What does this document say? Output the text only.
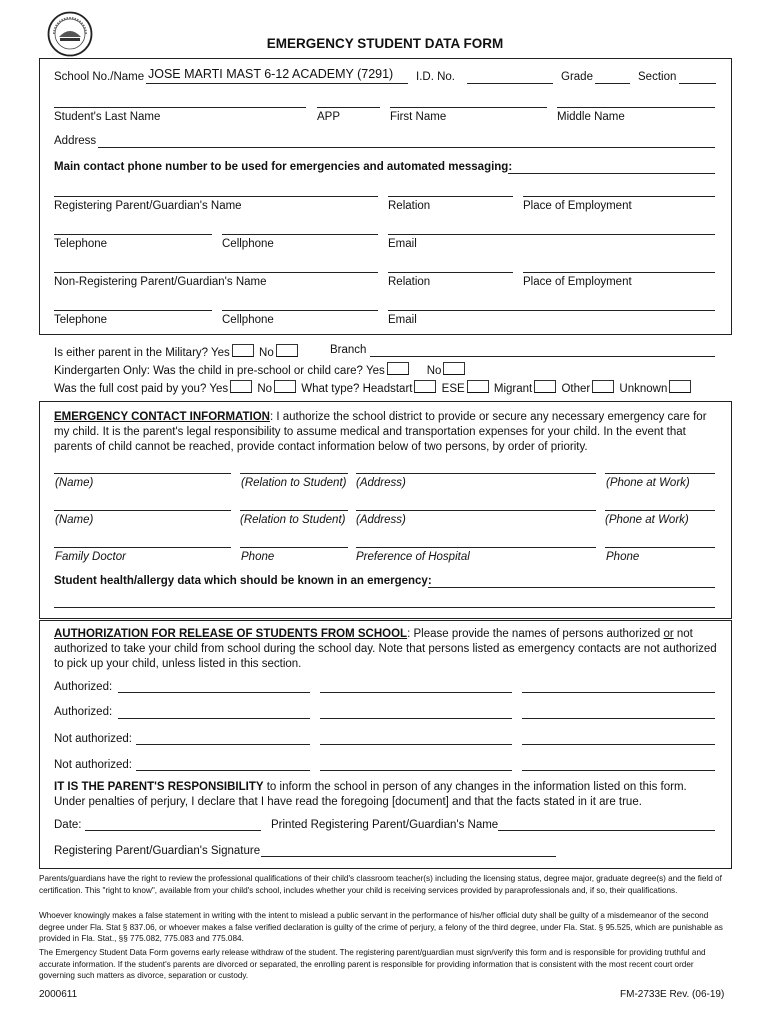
EMERGENCY STUDENT DATA FORM
School No./Name JOSE MARTI MAST 6-12 ACADEMY (7291) I.D. No.	Grade	Section
Student's Last Name	APP	First Name	Middle Name
Address
Main contact phone number to be used for emergencies and automated messaging:
Registering Parent/Guardian's Name	Relation	Place of Employment
Telephone	Cellphone	Email
Non-Registering Parent/Guardian's Name	Relation	Place of Employment
Telephone	Cellphone	Email
Is either parent in the Military? Yes	No	Branch
Kindergarten Only: Was the child in pre-school or child care? Yes	No
Was the full cost paid by you? Yes	No	What type? Headstart	ESE	Migrant	Other	Unknown
EMERGENCY CONTACT INFORMATION: I authorize the school district to provide or secure any necessary emergency care for my child. It is the parent's legal responsibility to assume medical and transportation expenses for your child. In the event that parents of child cannot be reached, provide contact information below of two persons, by order of priority.
(Name)	(Relation to Student) (Address)	(Phone at Work)
(Name)	(Relation to Student) (Address)	(Phone at Work)
Family Doctor	Phone	Preference of Hospital	Phone
Student health/allergy data which should be known in an emergency:
AUTHORIZATION FOR RELEASE OF STUDENTS FROM SCHOOL: Please provide the names of persons authorized or not authorized to take your child from school during the school day. Note that persons listed as emergency contacts are not authorized to pick up your child, unless listed in this section.
Authorized:
Authorized:
Not authorized:
Not authorized:
IT IS THE PARENT'S RESPONSIBILITY to inform the school in person of any changes in the information listed on this form. Under penalties of perjury, I declare that I have read the foregoing [document] and that the facts stated in it are true.
Date:	Printed Registering Parent/Guardian's Name
Registering Parent/Guardian's Signature
Parents/guardians have the right to review the professional qualifications of their child's classroom teacher(s) including the licensing status, degree major, graduate degree(s) and the field of certification. This "right to know", available from your child's school, includes whether your child is receiving services provided by paraprofessionals and, if so, their qualifications.
Whoever knowingly makes a false statement in writing with the intent to mislead a public servant in the performance of his/her official duty shall be guilty of a misdemeanor of the second degree under Fla. Stat § 837.06, or whoever makes a false verified declaration is guilty of the crime of perjury, a felony of the third degree, under Fla. Stat. § 95.525, which are punishable as provided in Fla. Stat., §§ 775.082, 775.083 and 775.084.
The Emergency Student Data Form governs early release withdraw of the student. The registering parent/guardian must sign/verify this form and is responsible for providing truthful and accurate information. If the student's parents are divorced or separated, the enrolling parent is responsible for providing information that is consistent with the most recent court order governing such matters as divorce, separation or custody.
2000611	FM-2733E Rev. (06-19)
